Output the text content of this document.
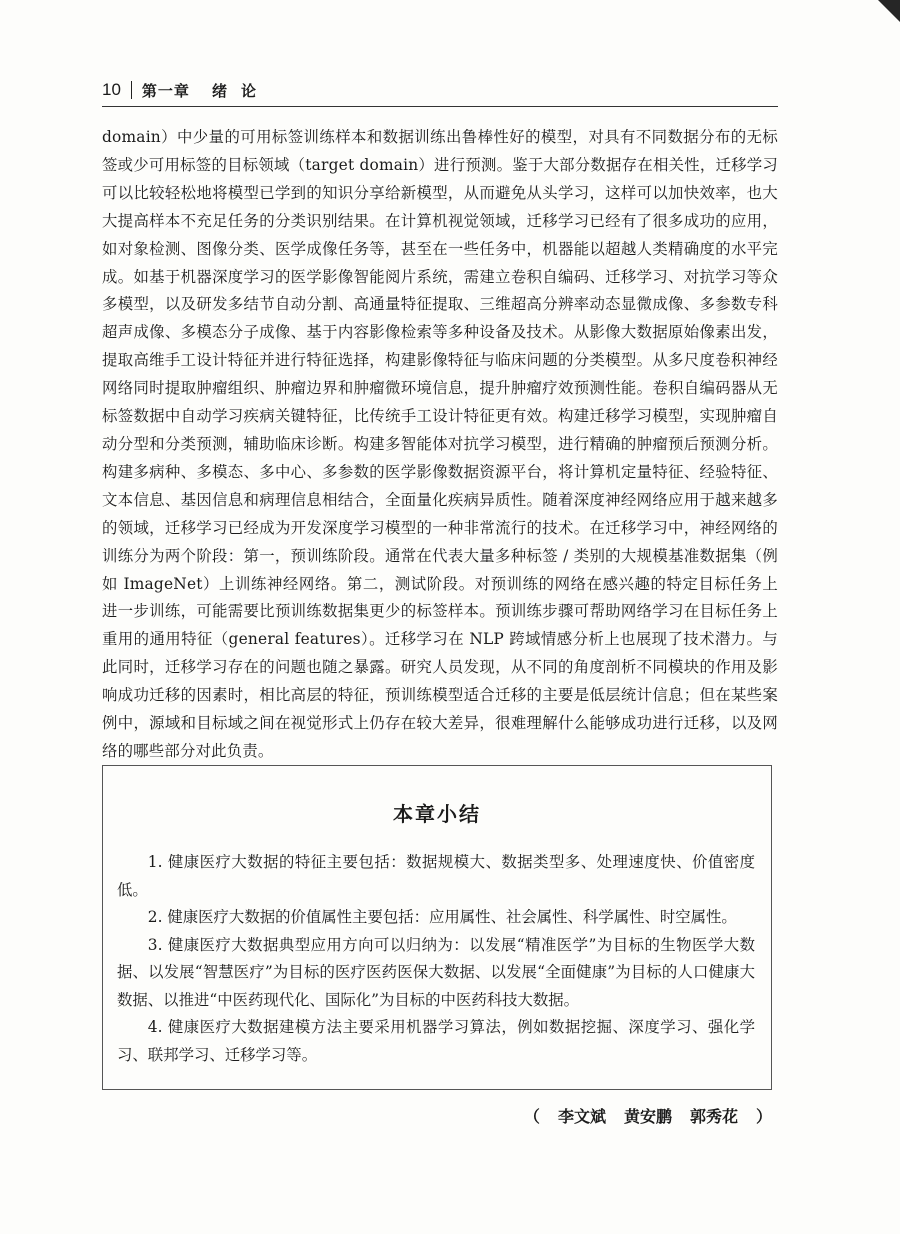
10 第一章 绪论

domain）中少量的可用标签训练样本和数据训练出鲁棒性好的模型，对具有不同数据分布的无标签或少可用标签的目标领域（target domain）进行预测。鉴于大部分数据存在相关性，迁移学习可以比较轻松地将模型已学到的知识分享给新模型，从而避免从头学习，这样可以加快效率，也大大提高样本不充足任务的分类识别结果。在计算机视觉领域，迁移学习已经有了很多成功的应用，如对象检测、图像分类、医学成像任务等，甚至在一些任务中，机器能以超越人类精确度的水平完成。如基于机器深度学习的医学影像智能阅片系统，需建立卷积自编码、迁移学习、对抗学习等众多模型，以及研发多结节自动分割、高通量特征提取、三维超高分辨率动态显微成像、多参数专科超声成像、多模态分子成像、基于内容影像检索等多种设备及技术。从影像大数据原始像素出发，提取高维手工设计特征并进行特征选择，构建影像特征与临床问题的分类模型。从多尺度卷积神经网络同时提取肿瘤组织、肿瘤边界和肿瘤微环境信息，提升肿瘤疗效预测性能。卷积自编码器从无标签数据中自动学习疾病关键特征，比传统手工设计特征更有效。构建迁移学习模型，实现肿瘤自动分型和分类预测，辅助临床诊断。构建多智能体对抗学习模型，进行精确的肿瘤预后预测分析。构建多病种、多模态、多中心、多参数的医学影像数据资源平台，将计算机定量特征、经验特征、文本信息、基因信息和病理信息相结合，全面量化疾病异质性。随着深度神经网络应用于越来越多的领域，迁移学习已经成为开发深度学习模型的一种非常流行的技术。在迁移学习中，神经网络的训练分为两个阶段：第一，预训练阶段。通常在代表大量多种标签 / 类别的大规模基准数据集（例如 ImageNet）上训练神经网络。第二，测试阶段。对预训练的网络在感兴趣的特定目标任务上进一步训练，可能需要比预训练数据集更少的标签样本。预训练步骤可帮助网络学习在目标任务上重用的通用特征（general features）。迁移学习在 NLP 跨域情感分析上也展现了技术潜力。与此同时，迁移学习存在的问题也随之暴露。研究人员发现，从不同的角度剖析不同模块的作用及影响成功迁移的因素时，相比高层的特征，预训练模型适合迁移的主要是低层统计信息；但在某些案例中，源域和目标域之间在视觉形式上仍存在较大差异，很难理解什么能够成功进行迁移，以及网络的哪些部分对此负责。

本章小结
1. 健康医疗大数据的特征主要包括：数据规模大、数据类型多、处理速度快、价值密度低。
2. 健康医疗大数据的价值属性主要包括：应用属性、社会属性、科学属性、时空属性。
3. 健康医疗大数据典型应用方向可以归纳为：以发展“精准医学”为目标的生物医学大数据、以发展“智慧医疗”为目标的医疗医药医保大数据、以发展“全面健康”为目标的人口健康大数据、以推进“中医药现代化、国际化”为目标的中医药科技大数据。
4. 健康医疗大数据建模方法主要采用机器学习算法，例如数据挖掘、深度学习、强化学习、联邦学习、迁移学习等。
（ 李文斌 黄安鹏 郭秀花 ）
